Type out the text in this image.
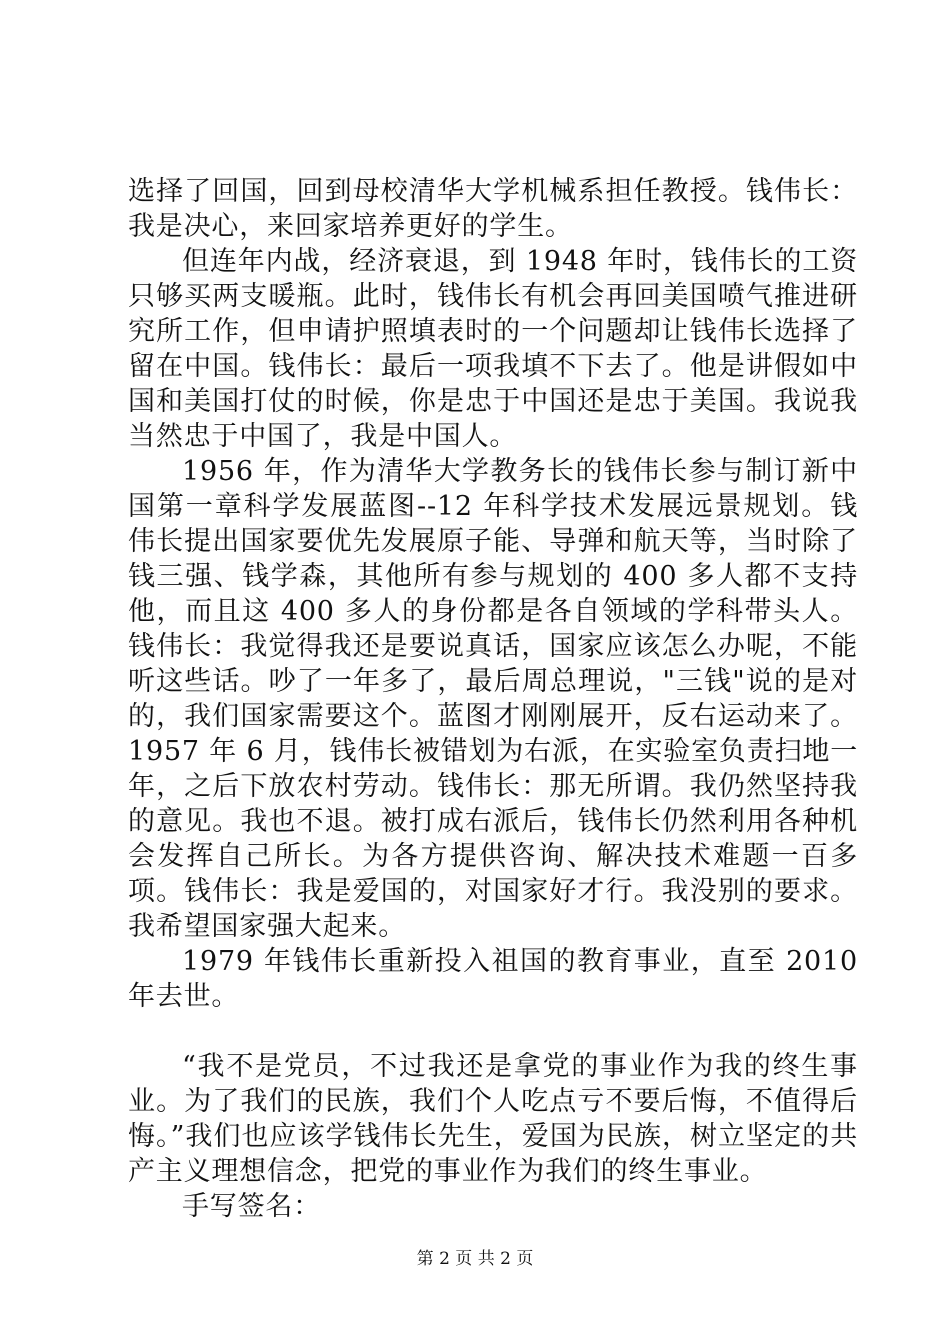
选择了回国，回到母校清华大学机械系担任教授。钱伟长：我是决心，来回家培养更好的学生。

但连年内战，经济衰退，到 1948 年时，钱伟长的工资只够买两支暖瓶。此时，钱伟长有机会再回美国喷气推进研究所工作，但申请护照填表时的一个问题却让钱伟长选择了留在中国。钱伟长：最后一项我填不下去了。他是讲假如中国和美国打仗的时候，你是忠于中国还是忠于美国。我说我当然忠于中国了，我是中国人。

1956 年，作为清华大学教务长的钱伟长参与制订新中国第一章科学发展蓝图--12 年科学技术发展远景规划。钱伟长提出国家要优先发展原子能、导弹和航天等，当时除了钱三强、钱学森，其他所有参与规划的 400 多人都不支持他，而且这 400 多人的身份都是各自领域的学科带头人。钱伟长：我觉得我还是要说真话，国家应该怎么办呢，不能听这些话。吵了一年多了，最后周总理说，"三钱"说的是对的，我们国家需要这个。蓝图才刚刚展开，反右运动来了。1957 年 6 月，钱伟长被错划为右派，在实验室负责扫地一年，之后下放农村劳动。钱伟长：那无所谓。我仍然坚持我的意见。我也不退。被打成右派后，钱伟长仍然利用各种机会发挥自己所长。为各方提供咨询、解决技术难题一百多项。钱伟长：我是爱国的，对国家好才行。我没别的要求。我希望国家强大起来。

1979 年钱伟长重新投入祖国的教育事业，直至 2010 年去世。

“我不是党员，不过我还是拿党的事业作为我的终生事业。为了我们的民族，我们个人吃点亏不要后悔，不值得后悔。”我们也应该学钱伟长先生，爱国为民族，树立坚定的共产主义理想信念，把党的事业作为我们的终生事业。

手写签名：

第 2 页 共 2 页
